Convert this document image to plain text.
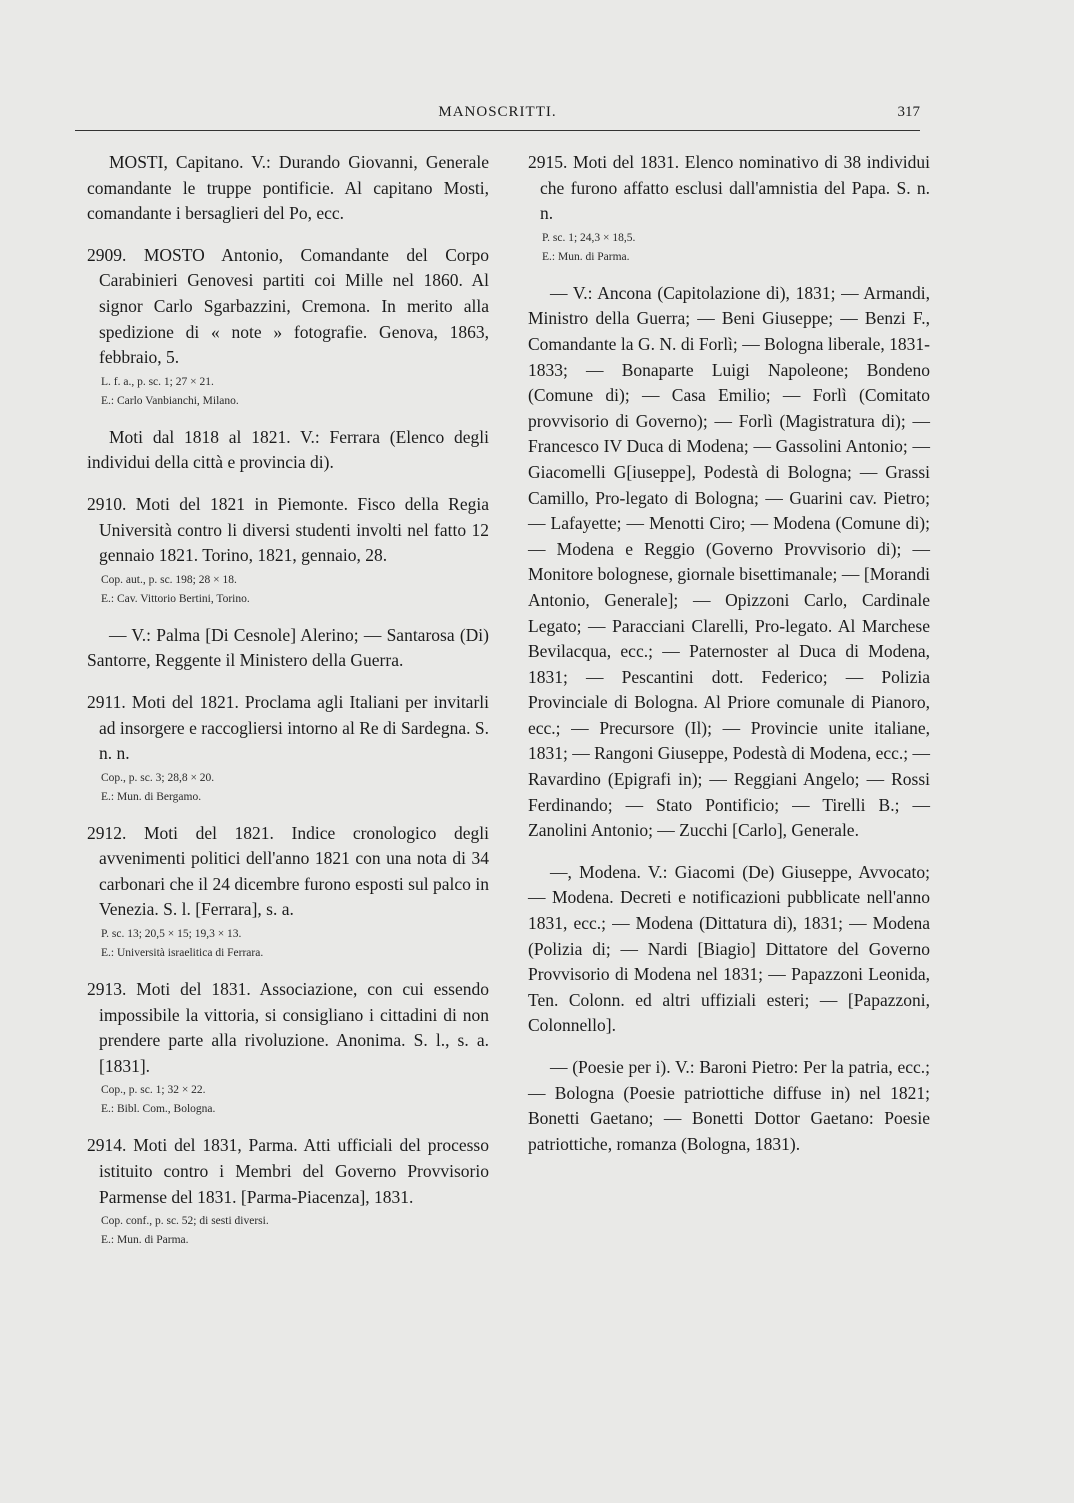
MANOSCRITTI.	317

MOSTI, Capitano. V.: Durando Giovanni, Generale comandante le truppe pontificie. Al capitano Mosti, comandante i bersaglieri del Po, ecc.

2909. MOSTO Antonio, Comandante del Corpo Carabinieri Genovesi partiti coi Mille nel 1860. Al signor Carlo Sgarbazzini, Cremona. In merito alla spedizione di « note » fotografie. Genova, 1863, febbraio, 5.

L. f. a., p. sc. 1; 27 × 21.
E.: Carlo Vanbianchi, Milano.

Moti dal 1818 al 1821. V.: Ferrara (Elenco degli individui della città e provincia di).

2910. Moti del 1821 in Piemonte. Fisco della Regia Università contro li diversi studenti involti nel fatto 12 gennaio 1821. Torino, 1821, gennaio, 28.

Cop. aut., p. sc. 198; 28 × 18.
E.: Cav. Vittorio Bertini, Torino.

— V.: Palma [Di Cesnole] Alerino; — Santarosa (Di) Santorre, Reggente il Ministero della Guerra.

2911. Moti del 1821. Proclama agli Italiani per invitarli ad insorgere e raccogliersi intorno al Re di Sardegna. S. n. n.

Cop., p. sc. 3; 28,8 × 20.
E.: Mun. di Bergamo.

2912. Moti del 1821. Indice cronologico degli avvenimenti politici dell'anno 1821 con una nota di 34 carbonari che il 24 dicembre furono esposti sul palco in Venezia. S. l. [Ferrara], s. a.

P. sc. 13; 20,5 × 15; 19,3 × 13.
E.: Università israelitica di Ferrara.

2913. Moti del 1831. Associazione, con cui essendo impossibile la vittoria, si consigliano i cittadini di non prendere parte alla rivoluzione. Anonima. S. l., s. a. [1831].

Cop., p. sc. 1; 32 × 22.
E.: Bibl. Com., Bologna.

2914. Moti del 1831, Parma. Atti ufficiali del processo istituito contro i Membri del Governo Provvisorio Parmense del 1831. [Parma-Piacenza], 1831.

Cop. conf., p. sc. 52; di sesti diversi.
E.: Mun. di Parma.

2915. Moti del 1831. Elenco nominativo di 38 individui che furono affatto esclusi dall'amnistia del Papa. S. n. n.

P. sc. 1; 24,3 × 18,5.
E.: Mun. di Parma.

— V.: Ancona (Capitolazione di), 1831; — Armandi, Ministro della Guerra; — Beni Giuseppe; — Benzi F., Comandante la G. N. di Forlì; — Bologna liberale, 1831-1833; — Bonaparte Luigi Napoleone; Bondeno (Comune di); — Casa Emilio; — Forlì (Comitato provvisorio di Governo); — Forlì (Magistratura di); — Francesco IV Duca di Modena; — Gassolini Antonio; — Giacomelli G[iuseppe], Podestà di Bologna; — Grassi Camillo, Pro-legato di Bologna; — Guarini cav. Pietro; — Lafayette; — Menotti Ciro; — Modena (Comune di); — Modena e Reggio (Governo Provvisorio di); — Monitore bolognese, giornale bisettimanale; — [Morandi Antonio, Generale]; — Opizzoni Carlo, Cardinale Legato; — Paracciani Clarelli, Pro-legato. Al Marchese Bevilacqua, ecc.; — Paternoster al Duca di Modena, 1831; — Pescantini dott. Federico; — Polizia Provinciale di Bologna. Al Priore comunale di Pianoro, ecc.; — Precursore (Il); — Provincie unite italiane, 1831; — Rangoni Giuseppe, Podestà di Modena, ecc.; — Ravardino (Epigrafi in); — Reggiani Angelo; — Rossi Ferdinando; — Stato Pontificio; — Tirelli B.; — Zanolini Antonio; — Zucchi [Carlo], Generale.

—, Modena. V.: Giacomi (De) Giuseppe, Avvocato; — Modena. Decreti e notificazioni pubblicate nell'anno 1831, ecc.; — Modena (Dittatura di), 1831; — Modena (Polizia di; — Nardi [Biagio] Dittatore del Governo Provvisorio di Modena nel 1831; — Papazzoni Leonida, Ten. Colonn. ed altri uffiziali esteri; — [Papazzoni, Colonnello].

— (Poesie per i). V.: Baroni Pietro: Per la patria, ecc.; — Bologna (Poesie patriottiche diffuse in) nel 1821; Bonetti Gaetano; — Bonetti Dottor Gaetano: Poesie patriottiche, romanza (Bologna, 1831).
